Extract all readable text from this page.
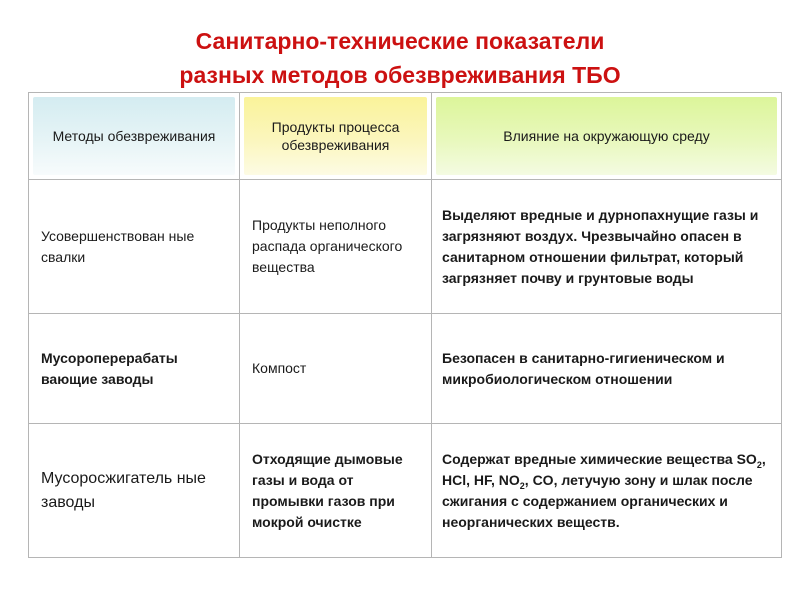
Санитарно-технические показатели
разных методов обезвреживания ТБО
Методы обезвреживания	Продукты процесса обезвреживания	Влияние на окружающую среду

Усовершенствован ные свалки	Продукты неполного распада органического вещества	Выделяют вредные и дурнопахнущие газы и загрязняют воздух. Чрезвычайно опасен в санитарном отношении фильтрат, который загрязняет почву и грунтовые воды

Мусороперерабаты вающие заводы	Компост	Безопасен в санитарно-гигиеническом и микробиологическом отношении

Мусоросжигатель ные заводы	Отходящие дымовые газы и вода от промывки газов при мокрой очистке	Содержат вредные химические вещества $SO_2$, HCl, HF, $NO_2$, CO, летучую зону и шлак после сжигания с содержанием органических и неорганических веществ.
